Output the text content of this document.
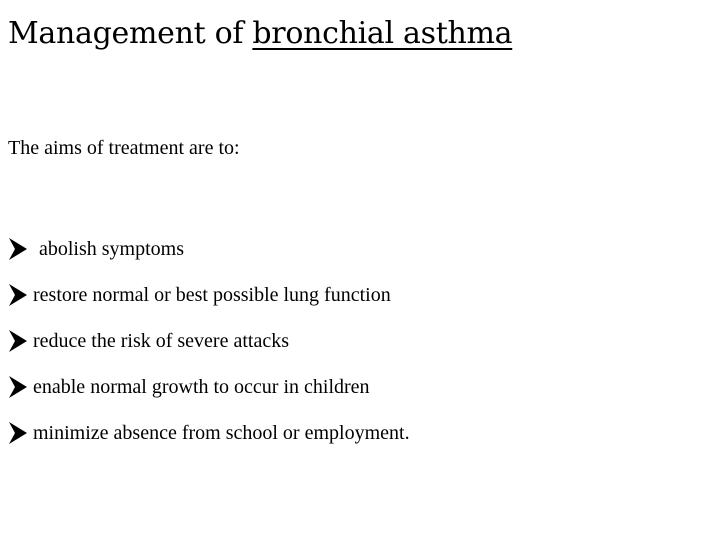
Management of bronchial asthma
The aims of treatment are to:
abolish symptoms
restore normal or best possible lung function
reduce the risk of severe attacks
enable normal growth to occur in children
minimize absence from school or employment.
